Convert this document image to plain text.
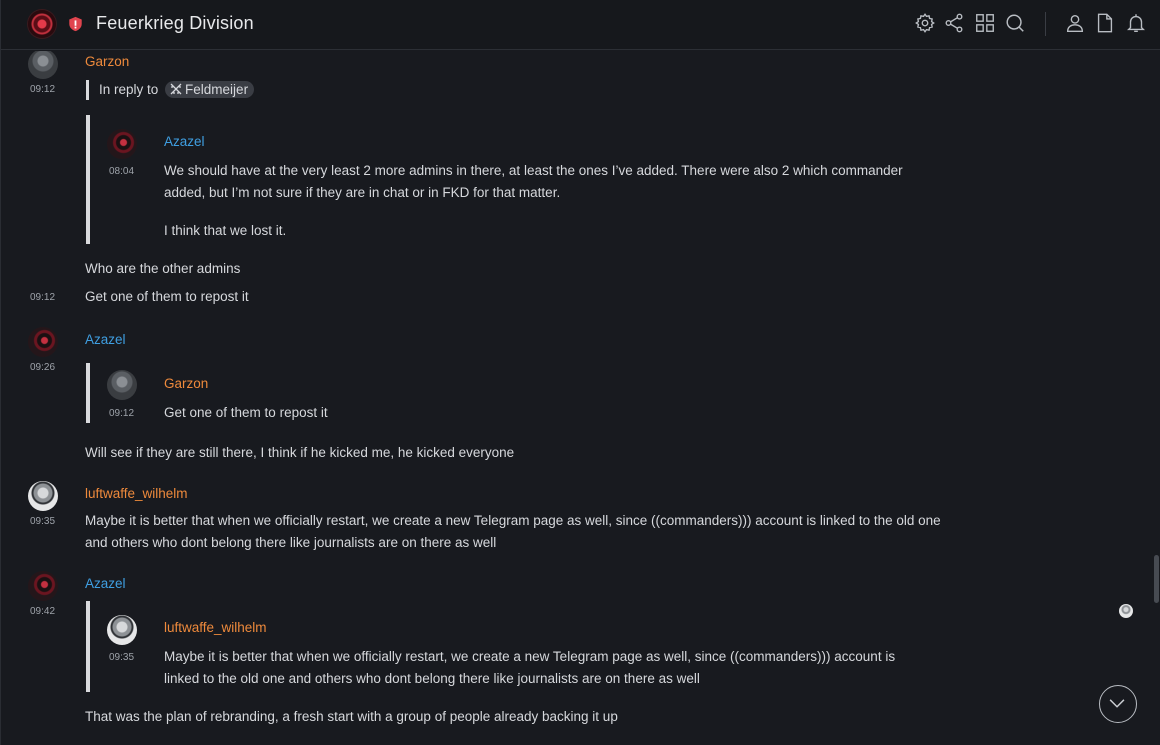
Feuerkrieg Division
09:12
Garzon
In reply to Feldmeijer
08:04
Azazel
We should have at the very least 2 more admins in there, at least the ones I’ve added. There were also 2 which commander
added, but I’m not sure if they are in chat or in FKD for that matter.
I think that we lost it.
Who are the other admins
09:12 Get one of them to repost it
09:26
Azazel
09:12
Garzon
Get one of them to repost it
Will see if they are still there, I think if he kicked me, he kicked everyone
09:35
luftwaffe_wilhelm
Maybe it is better that when we officially restart, we create a new Telegram page as well, since ((commanders))) account is linked to the old one
and others who dont belong there like journalists are on there as well
09:42
Azazel
09:35
luftwaffe_wilhelm
Maybe it is better that when we officially restart, we create a new Telegram page as well, since ((commanders))) account is
linked to the old one and others who dont belong there like journalists are on there as well
That was the plan of rebranding, a fresh start with a group of people already backing it up
